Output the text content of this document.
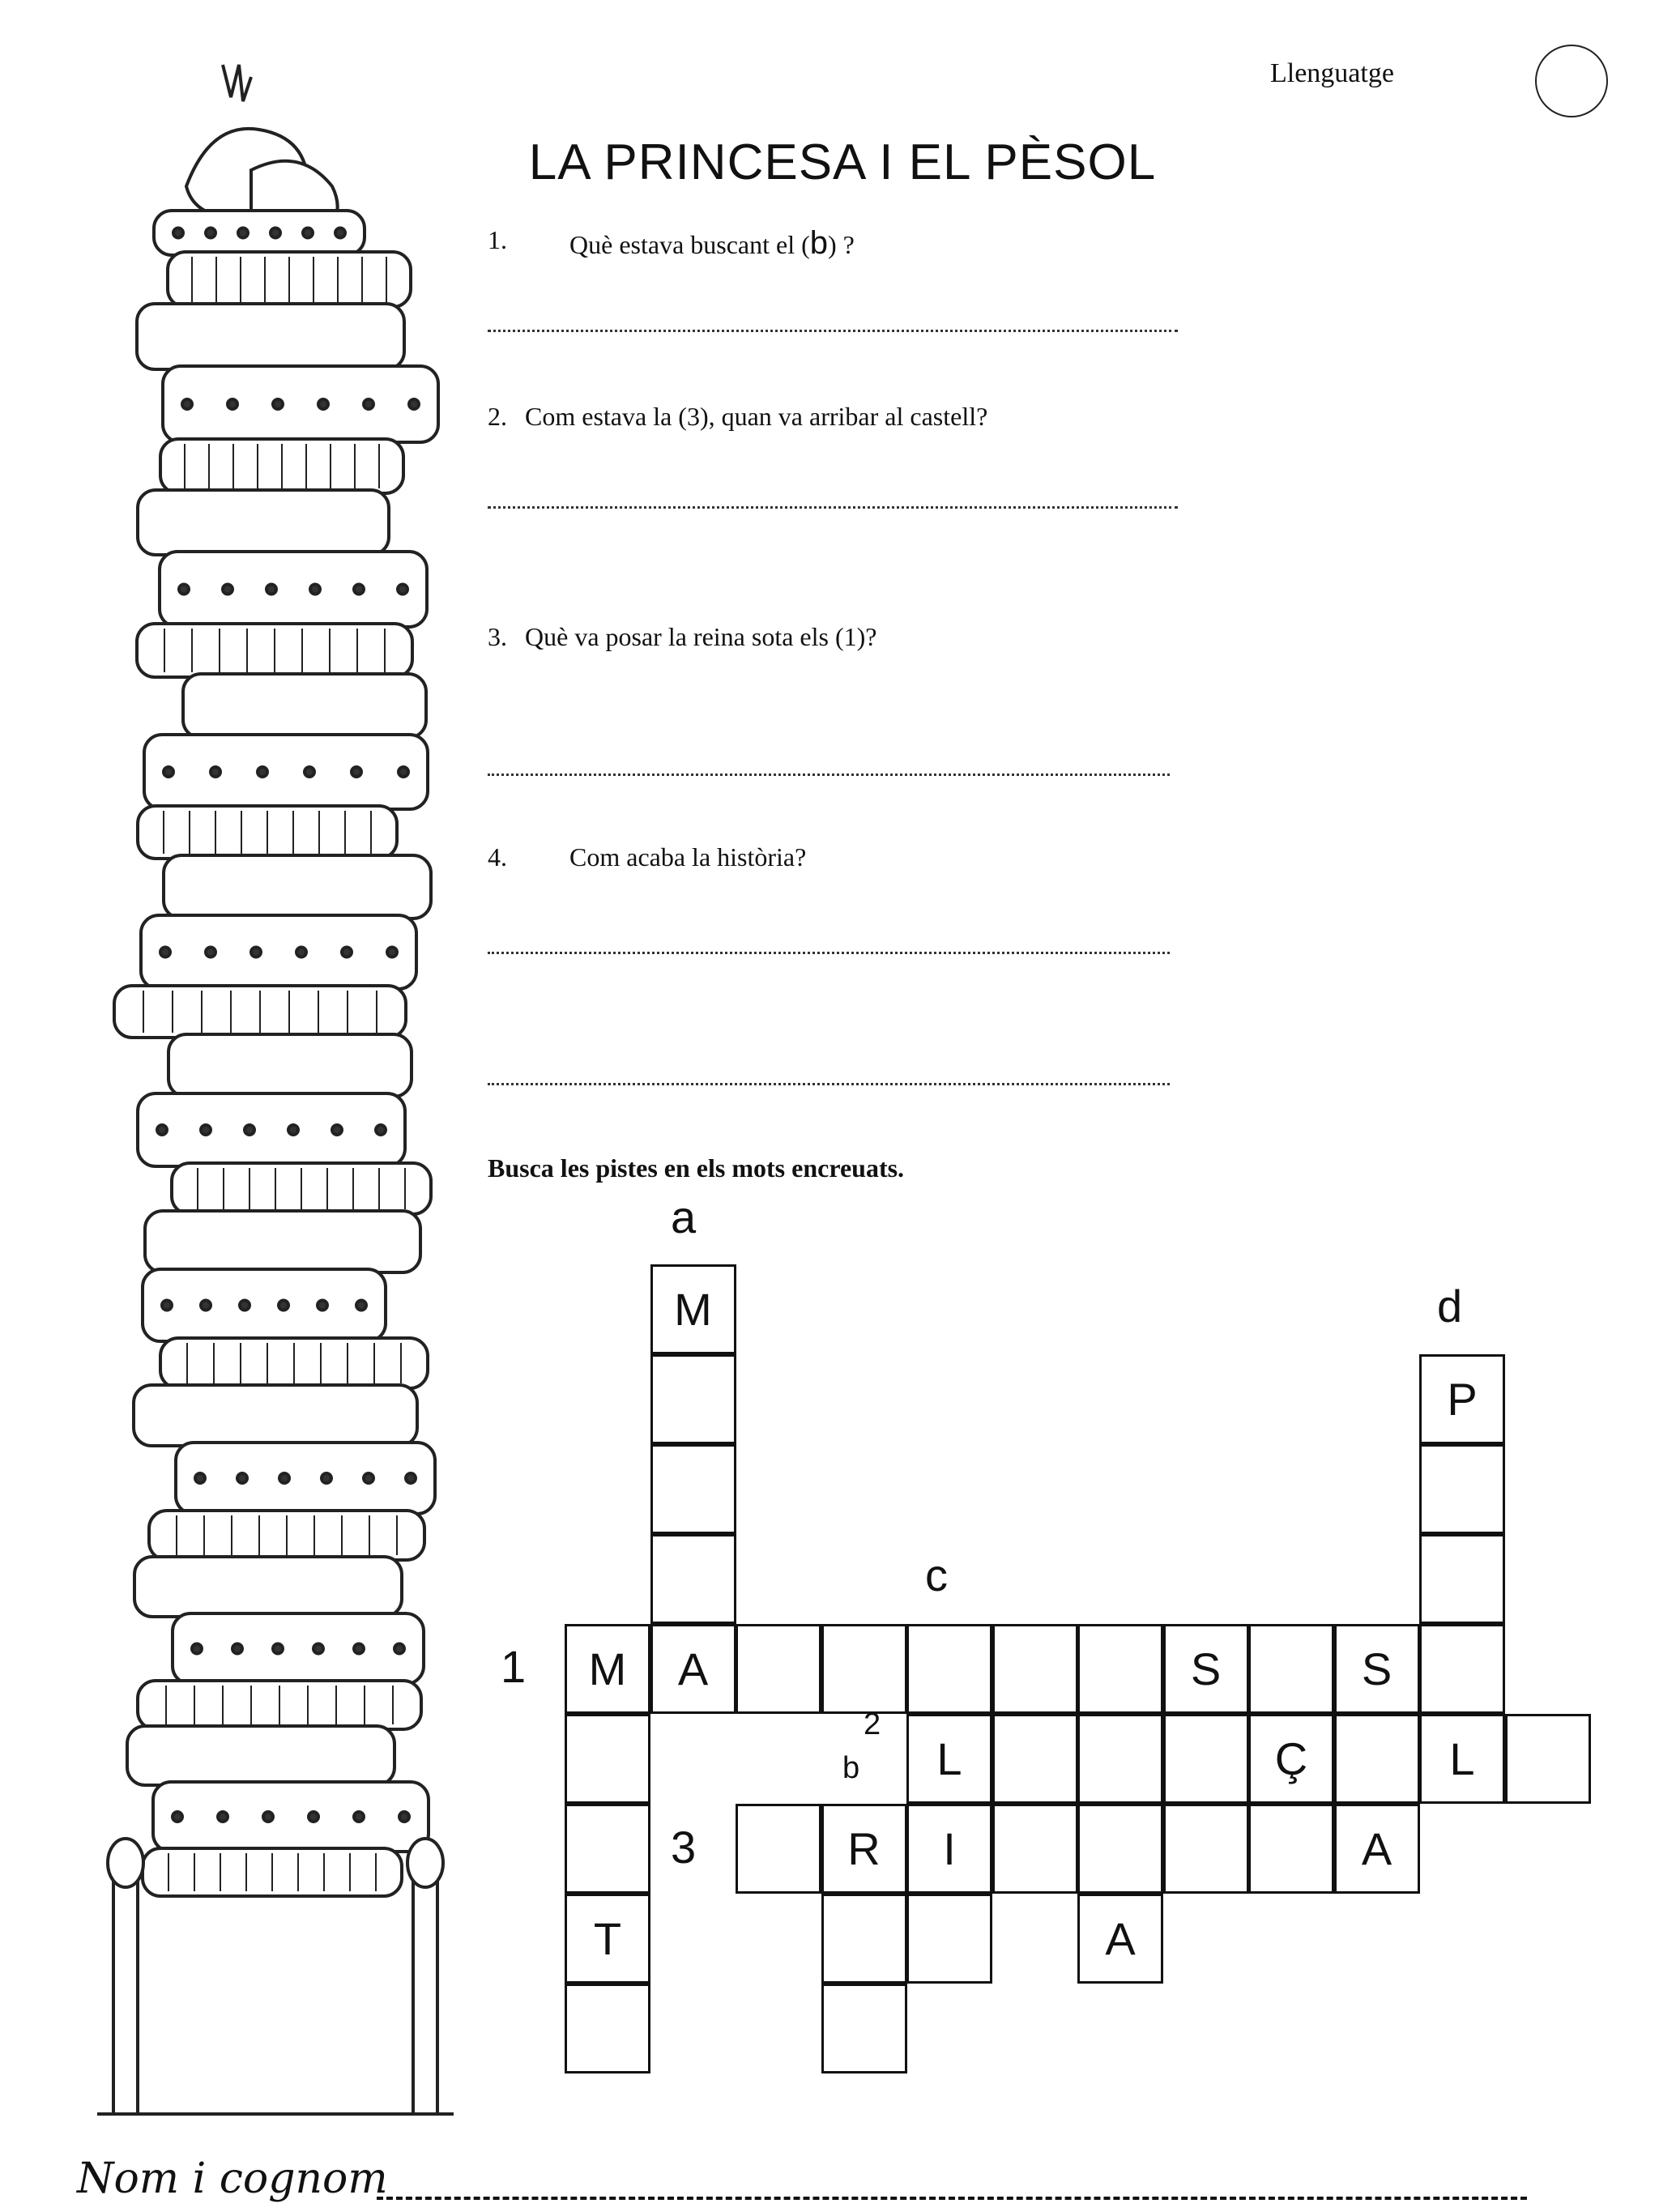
Llenguatge
LA PRINCESA I EL PÈSOL
1. Què estava buscant el (b) ?
2. Com estava la (3), quan va arribar al castell?
3. Què va posar la reina sota els (1)?
4. Com acaba la història?
Busca les pistes en els mots encreuats.
M
P
M	A	S	S
L	Ç	L
R	I	A
T	A
a
c
d
1
3
2
b
Nom i cognom
